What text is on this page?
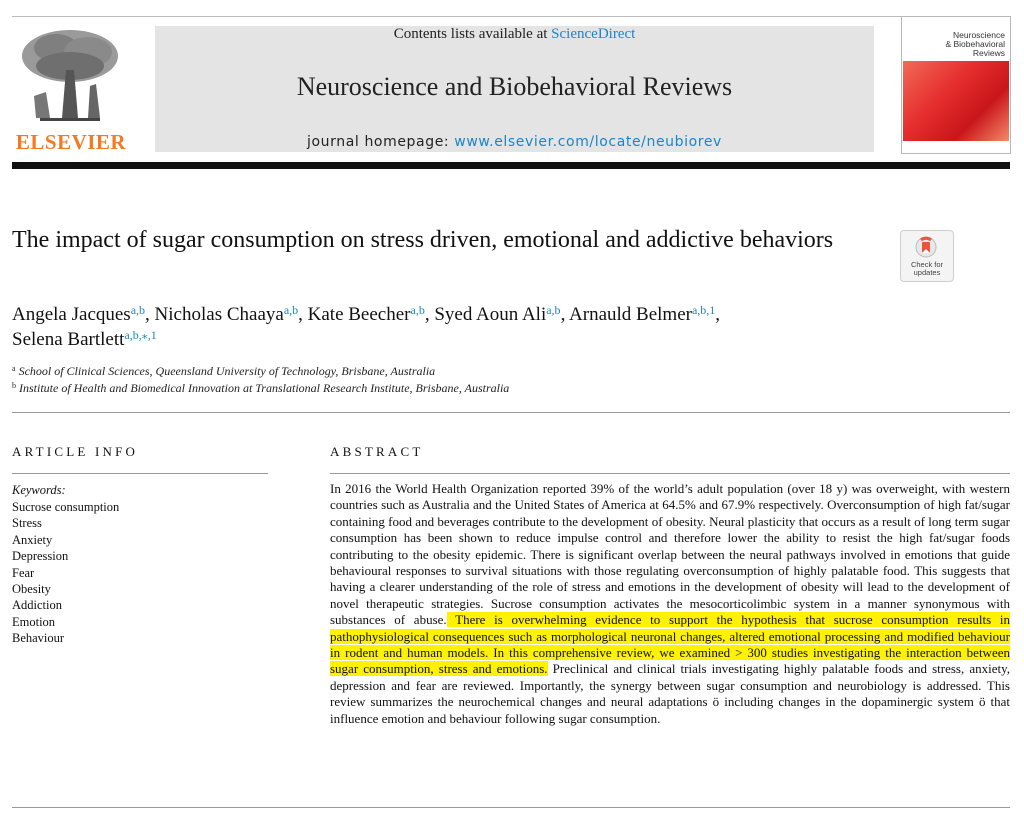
ELSEVIER
Contents lists available at ScienceDirect
Neuroscience and Biobehavioral Reviews
journal homepage: www.elsevier.com/locate/neubiorev
Neuroscience
& Biobehavioral
Reviews
The impact of sugar consumption on stress driven, emotional and addictive behaviors
Check for
updates
Angela Jacques$^{a,b}$, Nicholas Chaaya$^{a,b}$, Kate Beecher$^{a,b}$, Syed Aoun Ali$^{a,b}$, Arnauld Belmer$^{a,b,1}$,
Selena Bartlett$^{a,b,⁎,1}$
$^a$ School of Clinical Sciences, Queensland University of Technology, Brisbane, Australia
$^b$ Institute of Health and Biomedical Innovation at Translational Research Institute, Brisbane, Australia
ARTICLE INFO
Keywords:
Sucrose consumption
Stress
Anxiety
Depression
Fear
Obesity
Addiction
Emotion
Behaviour
ABSTRACT

In 2016 the World Health Organization reported 39% of the world’s adult population (over 18 y) was overweight, with western countries such as Australia and the United States of America at 64.5% and 67.9% respectively. Overconsumption of high fat/sugar containing food and beverages contribute to the development of obesity. Neural plasticity that occurs as a result of long term sugar consumption has been shown to reduce impulse control and therefore lower the ability to resist the high fat/sugar foods contributing to the obesity epidemic. There is significant overlap between the neural pathways involved in emotions that guide behavioural responses to survival situations with those regulating overconsumption of highly palatable food. This suggests that having a clearer understanding of the role of stress and emotions in the development of obesity will lead to the development of novel therapeutic strategies. Sucrose consumption activates the mesocorticolimbic system in a manner synonymous with substances of abuse. There is overwhelming evidence to support the hypothesis that sucrose consumption results in pathophysiological consequences such as morphological neuronal changes, altered emotional processing and modified behaviour in rodent and human models. In this comprehensive review, we examined > 300 studies investigating the interaction between sugar consumption, stress and emotions. Preclinical and clinical trials investigating highly palatable foods and stress, anxiety, depression and fear are reviewed. Importantly, the synergy between sugar consumption and neurobiology is addressed. This review summarizes the neurochemical changes and neural adaptations ö including changes in the dopaminergic system ö that influence emotion and behaviour following sugar consumption.
